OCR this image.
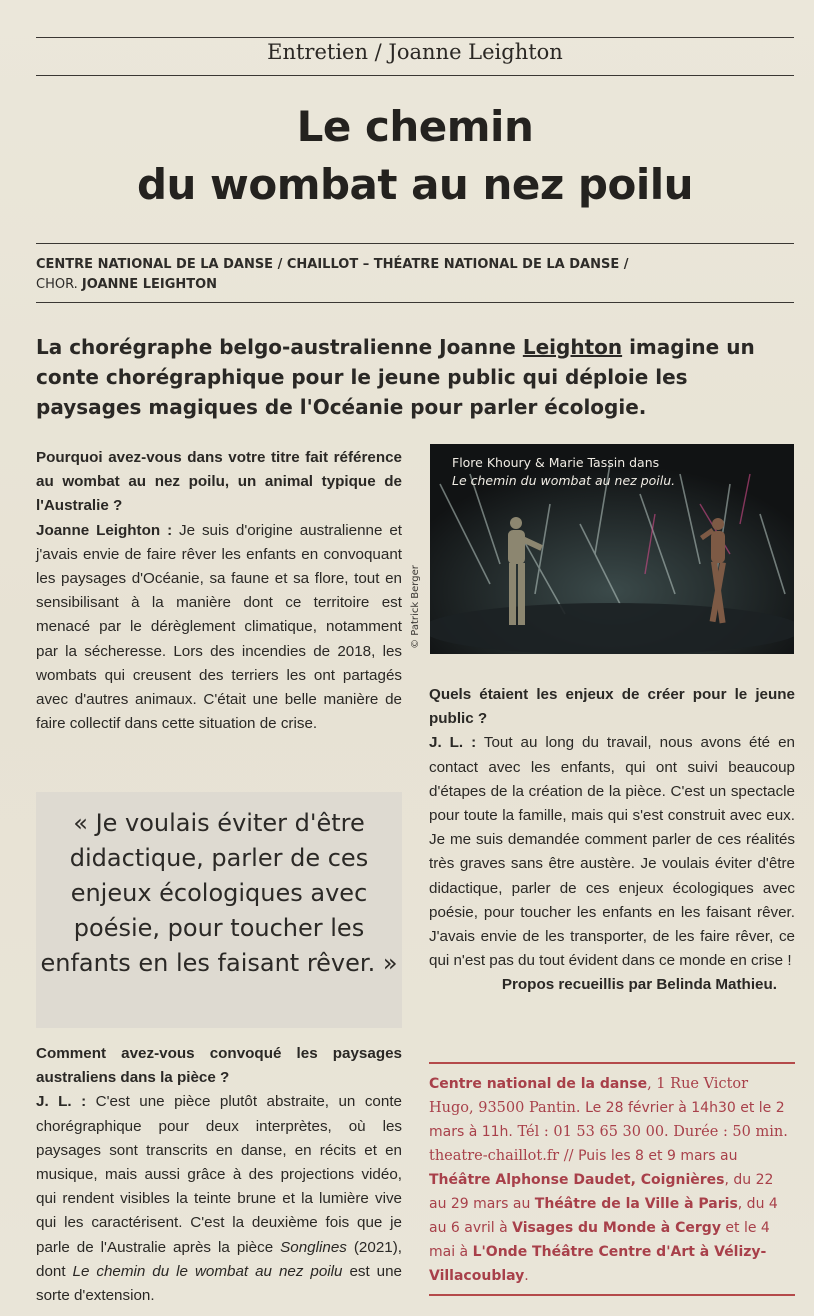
Entretien / Joanne Leighton
Le chemin
du wombat au nez poilu
CENTRE NATIONAL DE LA DANSE / CHAILLOT – THÉATRE NATIONAL DE LA DANSE /
CHOR. JOANNE LEIGHTON
La chorégraphe belgo-australienne Joanne Leighton imagine un conte chorégraphique pour le jeune public qui déploie les paysages magiques de l'Océanie pour parler écologie.
Pourquoi avez-vous dans votre titre fait référence au wombat au nez poilu, un animal typique de l'Australie ?
Joanne Leighton : Je suis d'origine australienne et j'avais envie de faire rêver les enfants en convoquant les paysages d'Océanie, sa faune et sa flore, tout en sensibilisant à la manière dont ce territoire est menacé par le dérèglement climatique, notamment par la sécheresse. Lors des incendies de 2018, les wombats qui creusent des terriers les ont partagés avec d'autres animaux. C'était une belle manière de faire collectif dans cette situation de crise.

« Je voulais éviter d'être didactique, parler de ces enjeux écologiques avec poésie, pour toucher les enfants en les faisant rêver. »

Comment avez-vous convoqué les paysages australiens dans la pièce ?
J. L. : C'est une pièce plutôt abstraite, un conte chorégraphique pour deux interprètes, où les paysages sont transcrits en danse, en récits et en musique, mais aussi grâce à des projections vidéo, qui rendent visibles la teinte brune et la lumière vive qui les caractérisent. C'est la deuxième fois que je parle de l'Australie après la pièce Songlines (2021), dont Le chemin du le wombat au nez poilu est une sorte d'extension.
Flore Khoury & Marie Tassin dans
Le chemin du wombat au nez poilu.
© Patrick Berger
Quels étaient les enjeux de créer pour le jeune public ?
J. L. : Tout au long du travail, nous avons été en contact avec les enfants, qui ont suivi beaucoup d'étapes de la création de la pièce. C'est un spectacle pour toute la famille, mais qui s'est construit avec eux. Je me suis demandée comment parler de ces réalités très graves sans être austère. Je voulais éviter d'être didactique, parler de ces enjeux écologiques avec poésie, pour toucher les enfants en les faisant rêver. J'avais envie de les transporter, de les faire rêver, ce qui n'est pas du tout évident dans ce monde en crise !
Propos recueillis par Belinda Mathieu.

Centre national de la danse, 1 Rue Victor Hugo, 93500 Pantin. Le 28 février à 14h30 et le 2 mars à 11h. Tél : 01 53 65 30 00. Durée : 50 min. theatre-chaillot.fr // Puis les 8 et 9 mars au Théâtre Alphonse Daudet, Coignières, du 22 au 29 mars au Théâtre de la Ville à Paris, du 4 au 6 avril à Visages du Monde à Cergy et le 4 mai à L'Onde Théâtre Centre d'Art à Vélizy-Villacoublay.
